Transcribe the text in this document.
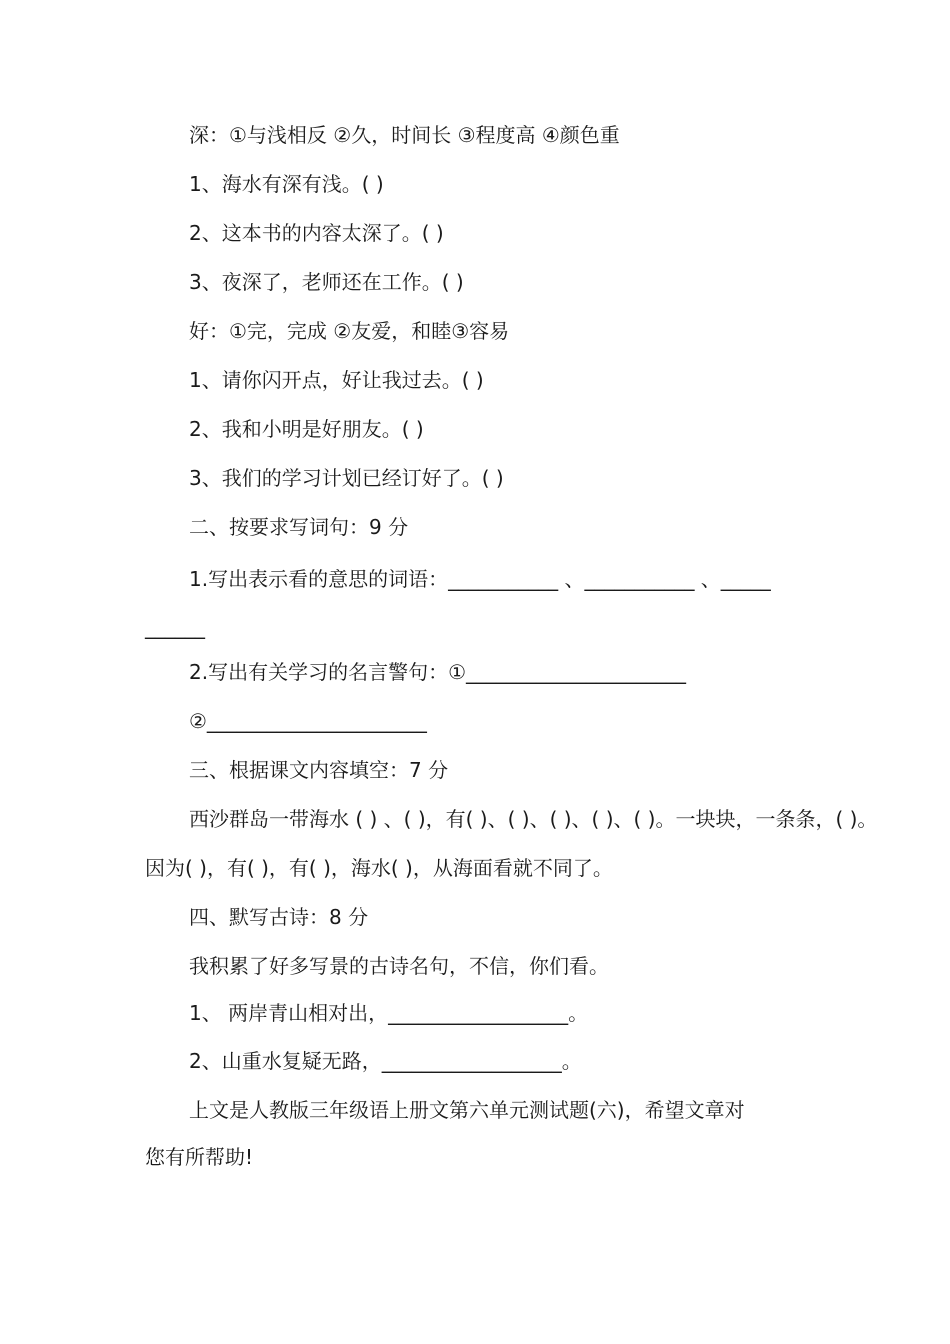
深：①与浅相反 ②久，时间长 ③程度高 ④颜色重
1、海水有深有浅。( )
2、这本书的内容太深了。( )
3、夜深了，老师还在工作。( )
好：①完，完成 ②友爱，和睦③容易
1、请你闪开点，好让我过去。( )
2、我和小明是好朋友。( )
3、我们的学习计划已经订好了。( )
二、按要求写词句：9 分
1.写出表示看的意思的词语：___________ 、___________ 、_____
______
2.写出有关学习的名言警句：①______________________
②______________________
三、根据课文内容填空：7 分
西沙群岛一带海水 ( ) 、( )，有( )、( )、( )、( )、( )。一块块，一条条，( )。
因为( )，有( )，有( )，海水( )，从海面看就不同了。
四、默写古诗：8 分
我积累了好多写景的古诗名句，不信，你们看。
1、 两岸青山相对出，__________________。
2、山重水复疑无路，__________________。
上文是人教版三年级语上册文第六单元测试题(六)，希望文章对
您有所帮助!
